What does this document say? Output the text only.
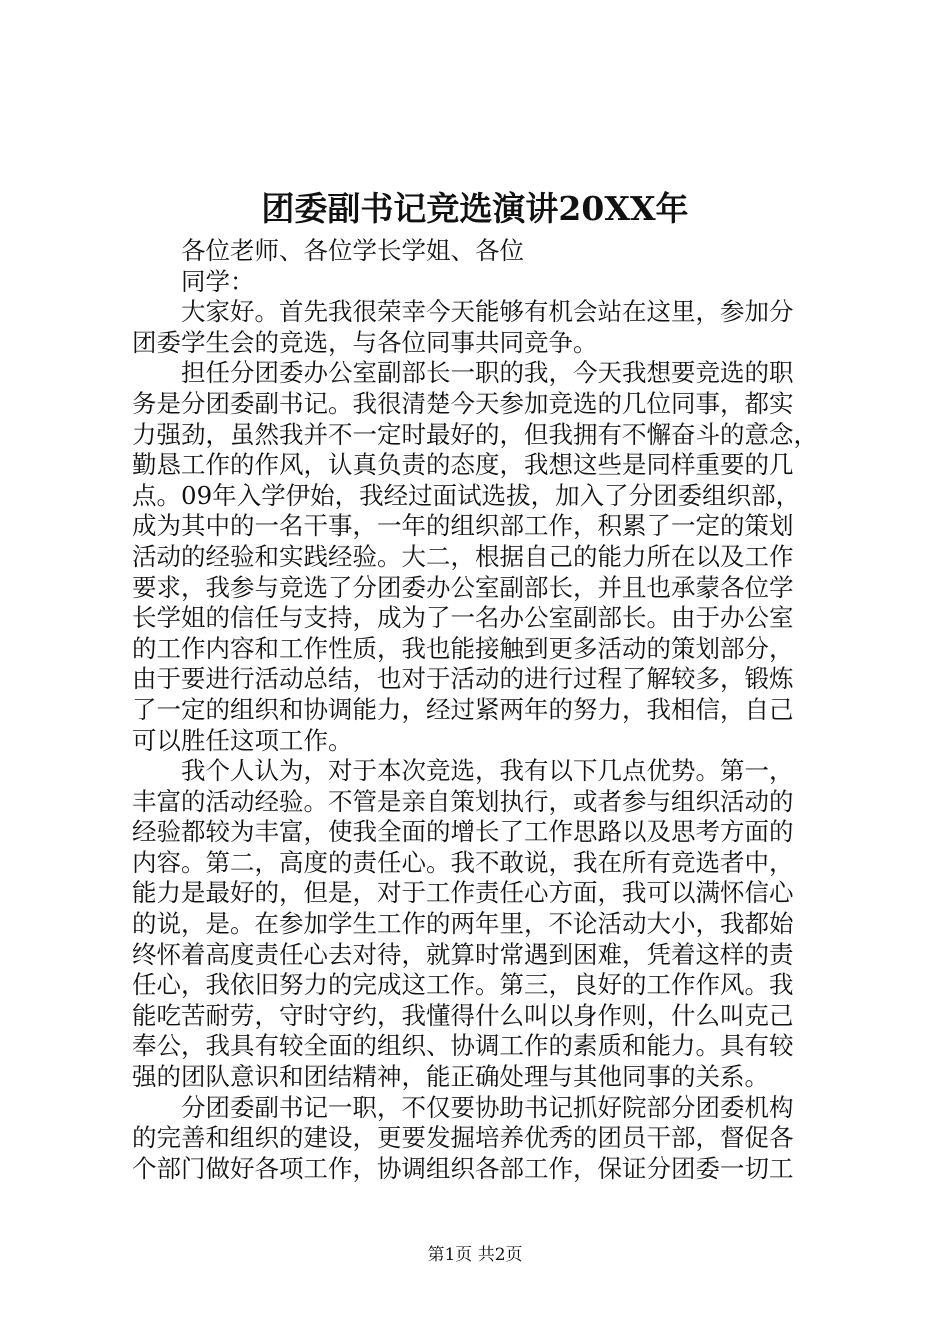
团委副书记竞选演讲20XX年
各位老师、各位学长学姐、各位
同学：
大家好。首先我很荣幸今天能够有机会站在这里，参加分
团委学生会的竞选，与各位同事共同竞争。
担任分团委办公室副部长一职的我，今天我想要竞选的职
务是分团委副书记。我很清楚今天参加竞选的几位同事，都实
力强劲，虽然我并不一定时最好的，但我拥有不懈奋斗的意念，
勤恳工作的作风，认真负责的态度，我想这些是同样重要的几
点。09年入学伊始，我经过面试选拔，加入了分团委组织部，
成为其中的一名干事，一年的组织部工作，积累了一定的策划
活动的经验和实践经验。大二，根据自己的能力所在以及工作
要求，我参与竞选了分团委办公室副部长，并且也承蒙各位学
长学姐的信任与支持，成为了一名办公室副部长。由于办公室
的工作内容和工作性质，我也能接触到更多活动的策划部分，
由于要进行活动总结，也对于活动的进行过程了解较多，锻炼
了一定的组织和协调能力，经过紧两年的努力，我相信，自己
可以胜任这项工作。
我个人认为，对于本次竞选，我有以下几点优势。第一，
丰富的活动经验。不管是亲自策划执行，或者参与组织活动的
经验都较为丰富，使我全面的增长了工作思路以及思考方面的
内容。第二，高度的责任心。我不敢说，我在所有竞选者中，
能力是最好的，但是，对于工作责任心方面，我可以满怀信心
的说，是。在参加学生工作的两年里，不论活动大小，我都始
终怀着高度责任心去对待，就算时常遇到困难，凭着这样的责
任心，我依旧努力的完成这工作。第三，良好的工作作风。我
能吃苦耐劳，守时守约，我懂得什么叫以身作则，什么叫克己
奉公，我具有较全面的组织、协调工作的素质和能力。具有较
强的团队意识和团结精神，能正确处理与其他同事的关系。
分团委副书记一职，不仅要协助书记抓好院部分团委机构
的完善和组织的建设，更要发掘培养优秀的团员干部，督促各
个部门做好各项工作，协调组织各部工作，保证分团委一切工
第1页 共2页
